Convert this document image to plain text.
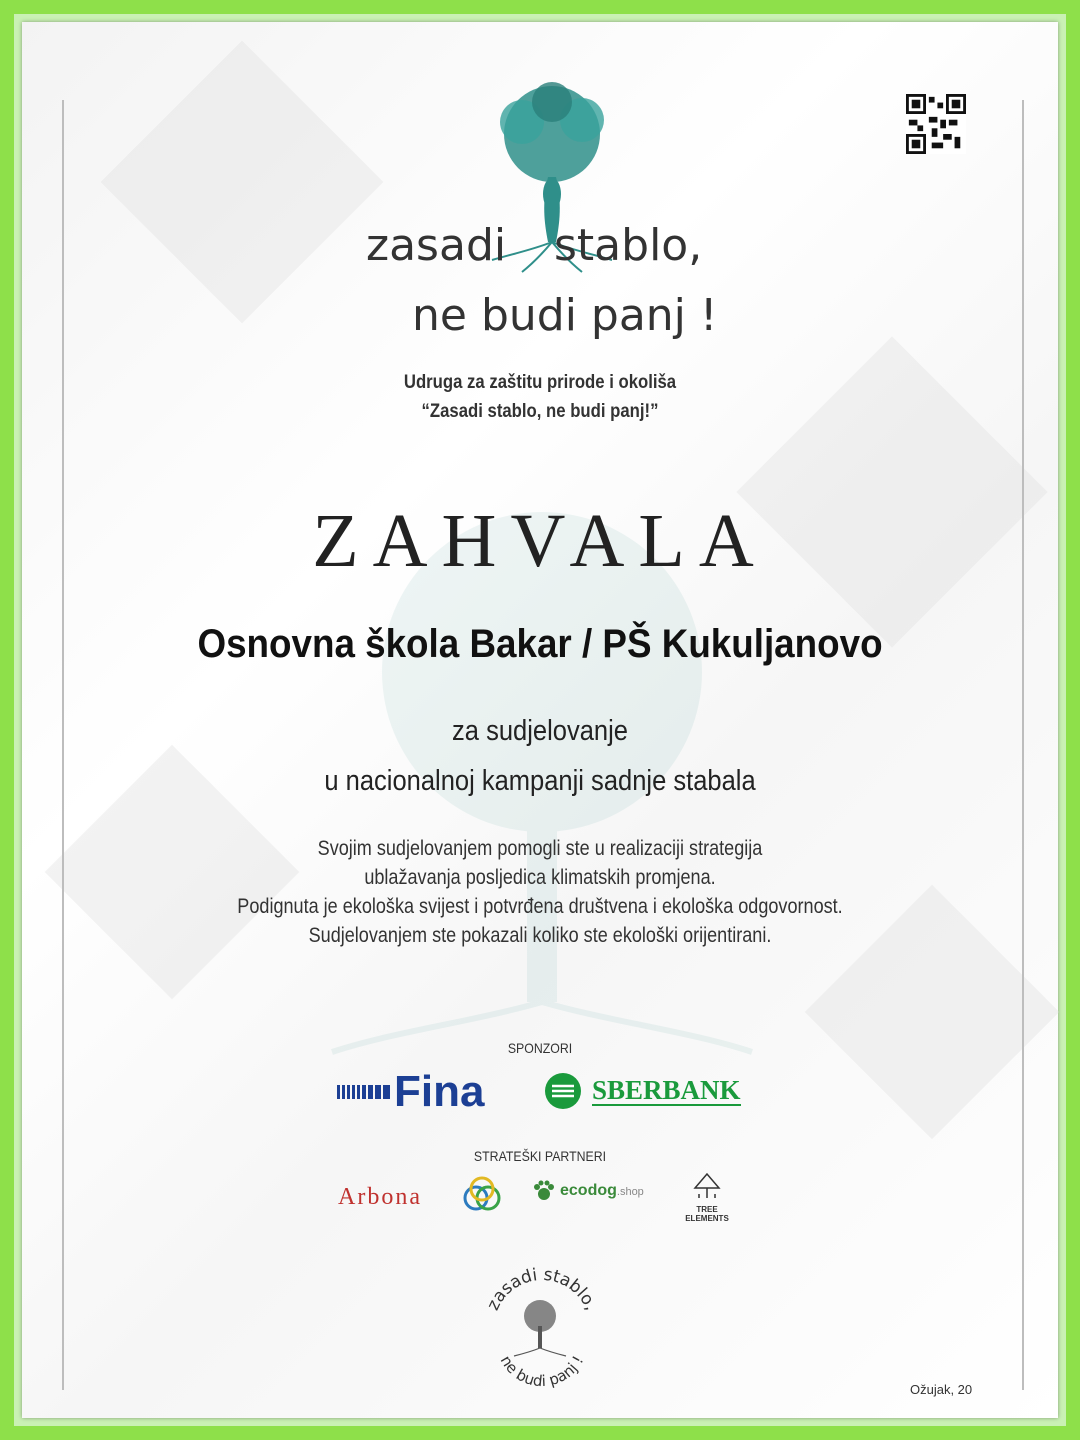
zasadi stablo,
ne budi panj !
Udruga za zaštitu prirode i okoliša
“Zasadi stablo, ne budi panj!”
ZAHVALA
Osnovna škola Bakar / PŠ Kukuljanovo
za sudjelovanje
u nacionalnoj kampanji sadnje stabala
Svojim sudjelovanjem pomogli ste u realizaciji strategija
ublažavanja posljedica klimatskih promjena.
Podignuta je ekološka svijest i potvrđena društvena i ekološka odgovornost.
Sudjelovanjem ste pokazali koliko ste ekološki orijentirani.
SPONZORI
Fina	SBERBANK
STRATEŠKI PARTNERI
Arbona	ecodog.shop
TREE ELEMENTS
zasadi stablo,
ne budi panj !
Ožujak, 20
